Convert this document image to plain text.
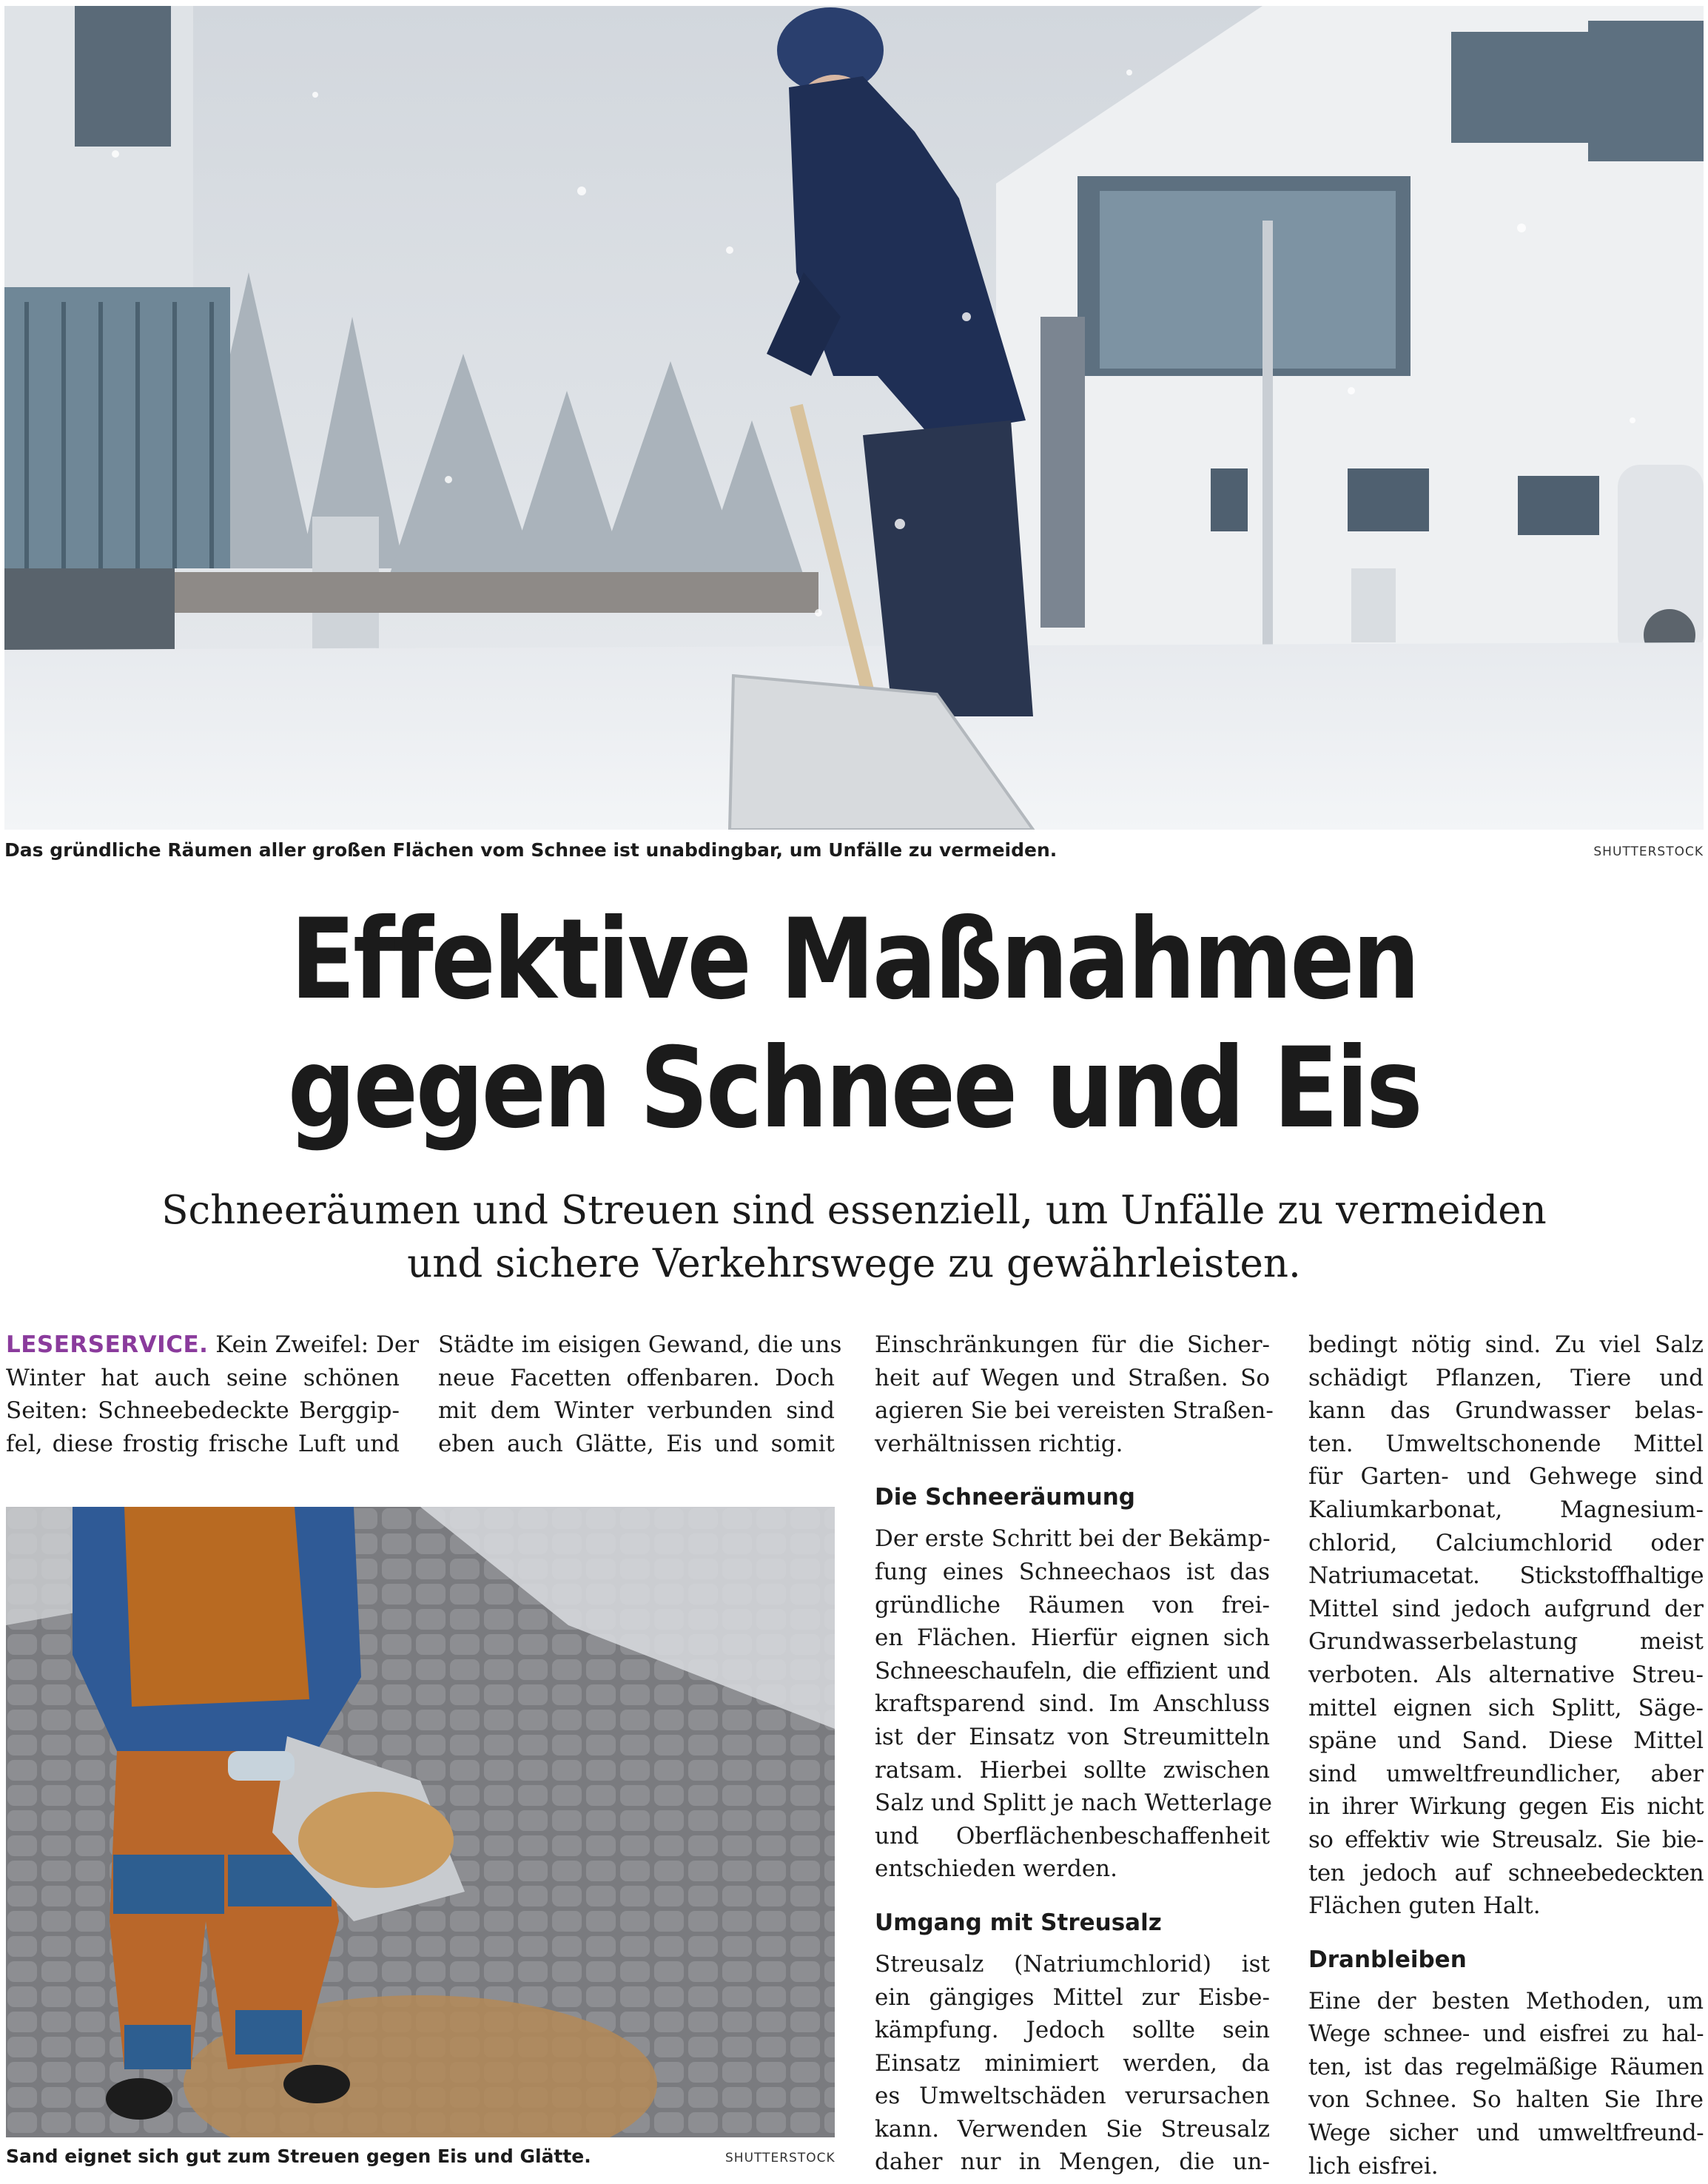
Das gründliche Räumen aller großen Flächen vom Schnee ist unabdingbar, um Unfälle zu vermeiden.	SHUTTERSTOCK
Effektive Maßnahmen
gegen Schnee und Eis
Schneeräumen und Streuen sind essenziell, um Unfälle zu vermeiden
und sichere Verkehrswege zu gewährleisten.
LESERSERVICE. Kein Zweifel: Der
Winter hat auch seine schönen
Seiten: Schneebedeckte Berggip-
fel, diese frostig frische Luft und
Städte im eisigen Gewand, die uns
neue Facetten offenbaren. Doch
mit dem Winter verbunden sind
eben auch Glätte, Eis und somit
Sand eignet sich gut zum Streuen gegen Eis und Glätte.	SHUTTERSTOCK
Einschränkungen für die Sicher-
heit auf Wegen und Straßen. So
agieren Sie bei vereisten Straßen-
verhältnissen richtig.
Die Schneeräumung
Der erste Schritt bei der Bekämp-
fung eines Schneechaos ist das
gründliche Räumen von frei-
en Flächen. Hierfür eignen sich
Schneeschaufeln, die effizient und
kraftsparend sind. Im Anschluss
ist der Einsatz von Streumitteln
ratsam. Hierbei sollte zwischen
Salz und Splitt je nach Wetterlage
und Oberflächenbeschaffenheit
entschieden werden.
Umgang mit Streusalz
Streusalz (Natriumchlorid) ist
ein gängiges Mittel zur Eisbe-
kämpfung. Jedoch sollte sein
Einsatz minimiert werden, da
es Umweltschäden verursachen
kann. Verwenden Sie Streusalz
daher nur in Mengen, die un-
bedingt nötig sind. Zu viel Salz
schädigt Pflanzen, Tiere und
kann das Grundwasser belas-
ten. Umweltschonende Mittel
für Garten- und Gehwege sind
Kaliumkarbonat, Magnesium-
chlorid, Calciumchlorid oder
Natriumacetat. Stickstoffhaltige
Mittel sind jedoch aufgrund der
Grundwasserbelastung meist
verboten. Als alternative Streu-
mittel eignen sich Splitt, Säge-
späne und Sand. Diese Mittel
sind umweltfreundlicher, aber
in ihrer Wirkung gegen Eis nicht
so effektiv wie Streusalz. Sie bie-
ten jedoch auf schneebedeckten
Flächen guten Halt.
Dranbleiben
Eine der besten Methoden, um
Wege schnee- und eisfrei zu hal-
ten, ist das regelmäßige Räumen
von Schnee. So halten Sie Ihre
Wege sicher und umweltfreund-
lich eisfrei.
